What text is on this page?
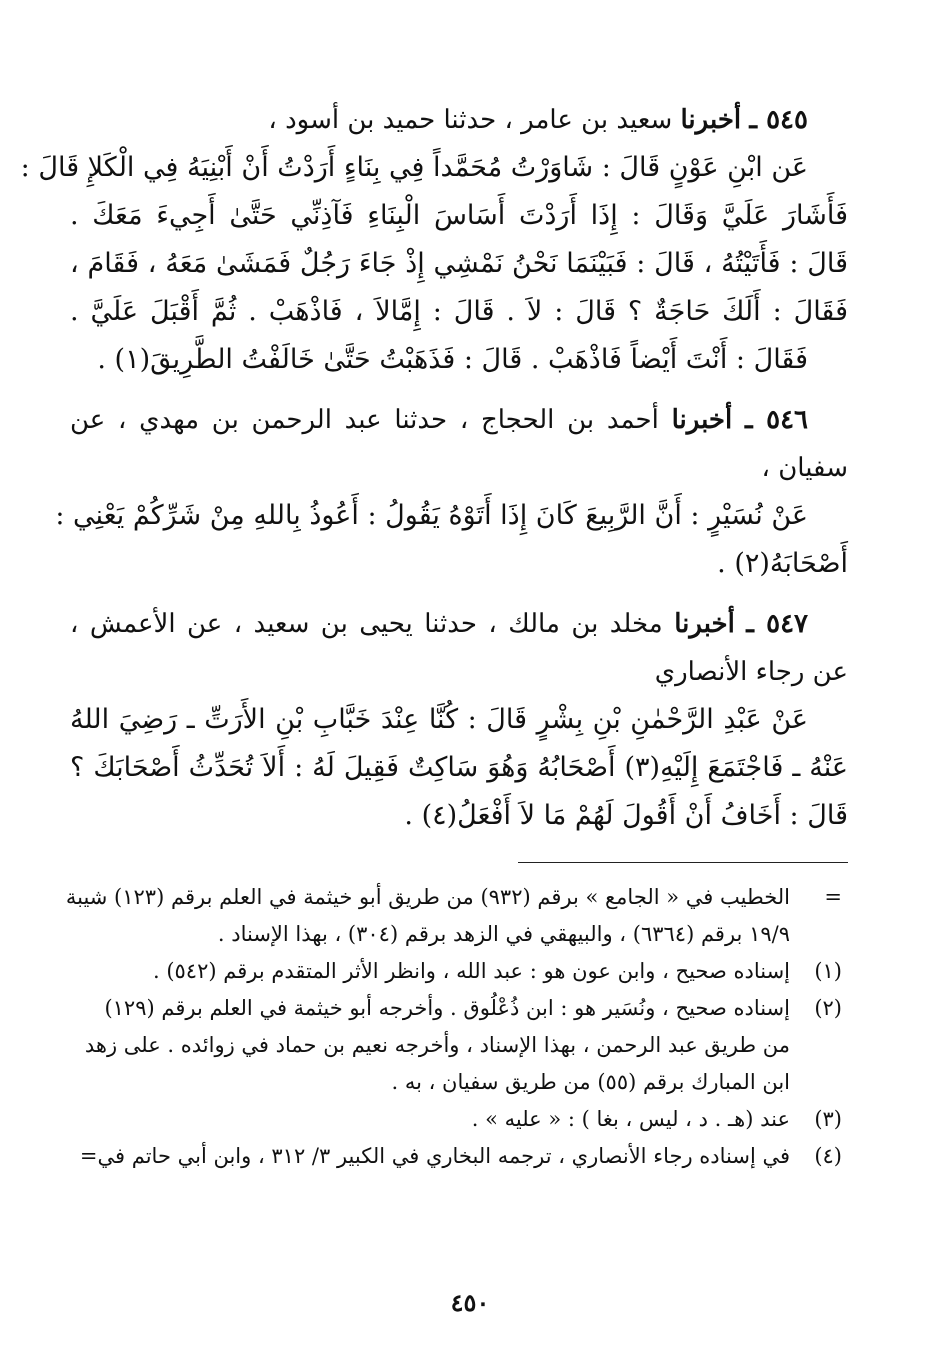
٥٤٥ ـ أخبرنا سعيد بن عامر ، حدثنا حميد بن أسود ،
عَن ابْنِ عَوْنٍ قَالَ : شَاوَرْتُ مُحَمَّداً فِي بِنَاءٍ أَرَدْتُ أَنْ أَبْنِيَهُ فِي الْكَلإِ قَالَ :
فَأَشَارَ عَلَيَّ وَقَالَ : إِذَا أَرَدْتَ أَسَاسَ الْبِنَاءِ فَآذِنِّي حَتَّىٰ أَجِيءَ مَعَكَ .
قَالَ : فَأَتَيْتُهُ ، قَالَ : فَبَيْنَمَا نَحْنُ نَمْشِي إِذْ جَاءَ رَجُلٌ فَمَشَىٰ مَعَهُ ، فَقَامَ ،
فَقَالَ : أَلَكَ حَاجَةٌ ؟ قَالَ : لاَ . قَالَ : إِمَّالاَ ، فَاذْهَبْ . ثُمَّ أَقْبَلَ عَلَيَّ .
فَقَالَ : أَنْتَ أَيْضاً فَاذْهَبْ . قَالَ : فَذَهَبْتُ حَتَّىٰ خَالَفْتُ الطَّرِيقَ(١) .
٥٤٦ ـ أخبرنا أحمد بن الحجاج ، حدثنا عبد الرحمن بن مهدي ، عن
سفيان ،
عَنْ نُسَيْرٍ : أَنَّ الرَّبِيعَ كَانَ إِذَا أَتَوْهُ يَقُولُ : أَعُوذُ بِاللهِ مِنْ شَرِّكُمْ يَعْنِي :
أَصْحَابَهُ(٢) .
٥٤٧ ـ أخبرنا مخلد بن مالك ، حدثنا يحيى بن سعيد ، عن الأعمش ،
عن رجاء الأنصاري
عَنْ عَبْدِ الرَّحْمٰنِ بْنِ بِشْرٍ قَالَ : كُنَّا عِنْدَ خَبَّابِ بْنِ الأَرَتِّ ـ رَضِيَ اللهُ
عَنْهُ ـ فَاجْتَمَعَ إِلَيْهِ(٣) أَصْحَابُهُ وَهُوَ سَاكِتٌ فَقِيلَ لَهُ : أَلاَ تُحَدِّثُ أَصْحَابَكَ ؟
قَالَ : أَخَافُ أَنْ أَقُولَ لَهُمْ مَا لاَ أَفْعَلُ(٤) .
=
الخطيب في « الجامع » برقم (٩٣٢) من طريق أبو خيثمة في العلم برقم (١٢٣) شيبة
١٩/٩ برقم (٦٣٦٤) ، والبيهقي في الزهد برقم (٣٠٤) ، بهذا الإسناد .
(١)
إسناده صحيح ، وابن عون هو : عبد الله ، وانظر الأثر المتقدم برقم (٥٤٢) .
(٢)
إسناده صحيح ، ونُسَير هو : ابن ذُعْلُوق . وأخرجه أبو خيثمة في العلم برقم (١٢٩)
من طريق عبد الرحمن ، بهذا الإسناد ، وأخرجه نعيم بن حماد في زوائده . على زهد
ابن المبارك برقم (٥٥) من طريق سفيان ، به .
(٣)
عند (هـ . د ، ليس ، بغا ) : « عليه » .
(٤)
في إسناده رجاء الأنصاري ، ترجمه البخاري في الكبير ٣/ ٣١٢ ، وابن أبي حاتم في=
٤٥٠
